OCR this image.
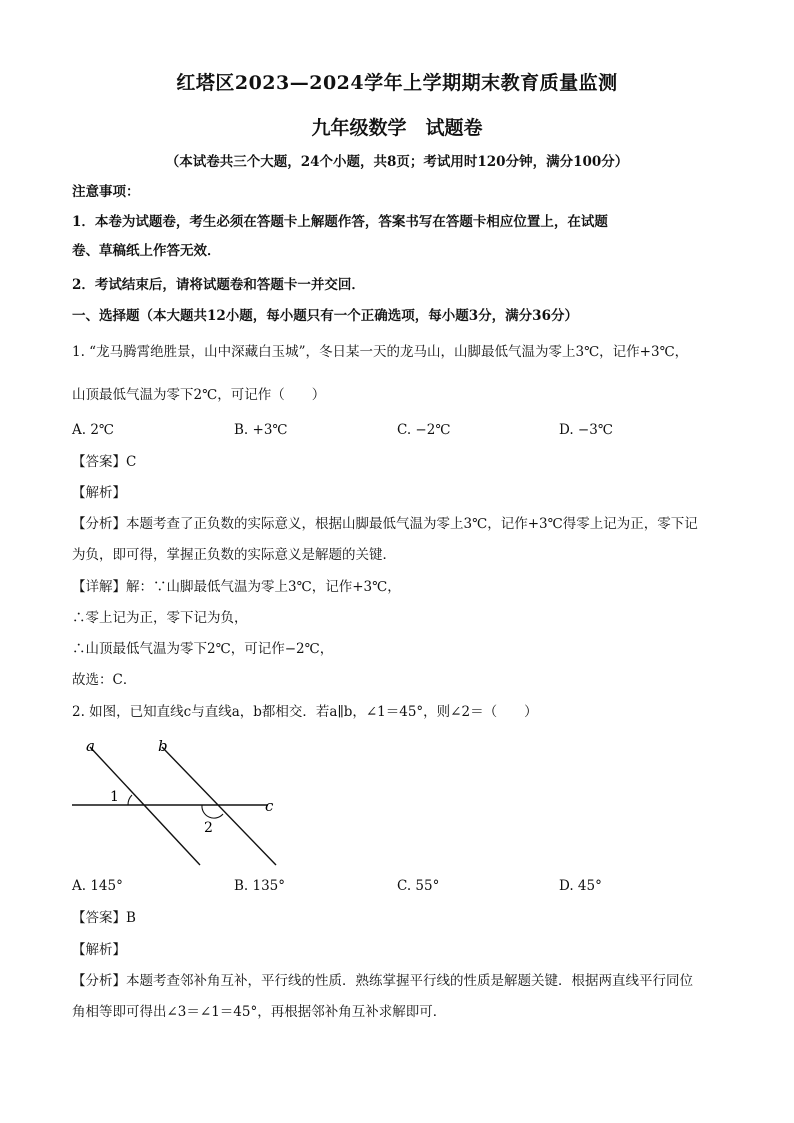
红塔区2023—2024学年上学期期末教育质量监测
九年级数学　试题卷
（本试卷共三个大题，24个小题，共8页；考试用时120分钟，满分100分）
注意事项：
1．本卷为试题卷，考生必须在答题卡上解题作答，答案书写在答题卡相应位置上，在试题
卷、草稿纸上作答无效．
2．考试结束后，请将试题卷和答题卡一并交回．
一、选择题（本大题共12小题，每小题只有一个正确选项，每小题3分，满分36分）
1. “龙马腾霄绝胜景，山中深藏白玉城”，冬日某一天的龙马山，山脚最低气温为零上3℃，记作+3℃，
山顶最低气温为零下2℃，可记作（　　）
A. 2℃	B. +3℃	C. −2℃	D. −3℃
【答案】C
【解析】
【分析】本题考查了正负数的实际意义，根据山脚最低气温为零上3℃，记作+3℃得零上记为正，零下记
为负，即可得，掌握正负数的实际意义是解题的关键．
【详解】解：∵山脚最低气温为零上3℃，记作+3℃，
∴零上记为正，零下记为负，
∴山顶最低气温为零下2℃，可记作−2℃，
故选：C．
2. 如图，已知直线c与直线a，b都相交．若a∥b，∠1＝45°，则∠2＝（　　）
a	b
c
1
2
A. 145°	B. 135°	C. 55°	D. 45°
【答案】B
【解析】
【分析】本题考查邻补角互补，平行线的性质．熟练掌握平行线的性质是解题关键．根据两直线平行同位
角相等即可得出∠3＝∠1＝45°，再根据邻补角互补求解即可．
